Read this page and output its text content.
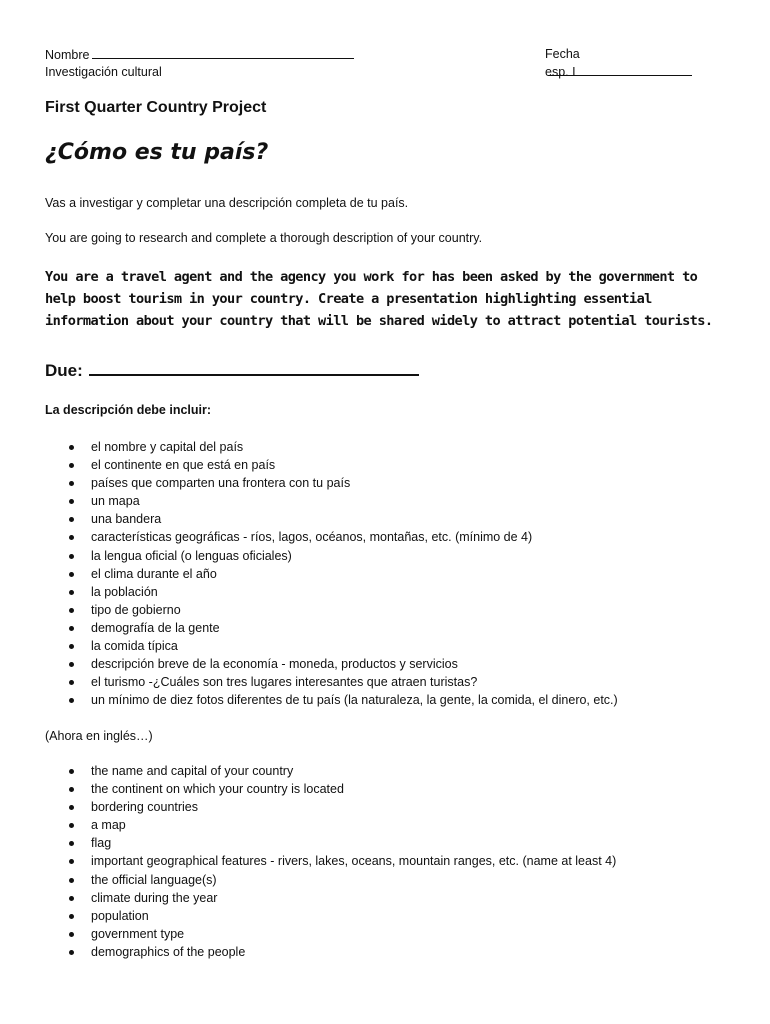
Nombre	Fecha
Investigación cultural	esp. I
First Quarter Country Project
¿Cómo es tu país?
Vas a investigar y completar una descripción completa de tu país.
You are going to research and complete a thorough description of your country.
You are a travel agent and the agency you work for has been asked by the government to help boost tourism in your country. Create a presentation highlighting essential information about your country that will be shared widely to attract potential tourists.
Due:
La descripción debe incluir:
el nombre y capital del país
el continente en que está en país
países que comparten una frontera con tu país
un mapa
una bandera
características geográficas - ríos, lagos, océanos, montañas, etc. (mínimo de 4)
la lengua oficial (o lenguas oficiales)
el clima durante el año
la población
tipo de gobierno
demografía de la gente
la comida típica
descripción breve de la economía - moneda, productos y servicios
el turismo -¿Cuáles son tres lugares interesantes que atraen turistas?
un mínimo de diez fotos diferentes de tu país (la naturaleza, la gente, la comida, el dinero, etc.)
(Ahora en inglés…)
the name and capital of your country
the continent on which your country is located
bordering countries
a map
flag
important geographical features - rivers, lakes, oceans, mountain ranges, etc. (name at least 4)
the official language(s)
climate during the year
population
government type
demographics of the people
